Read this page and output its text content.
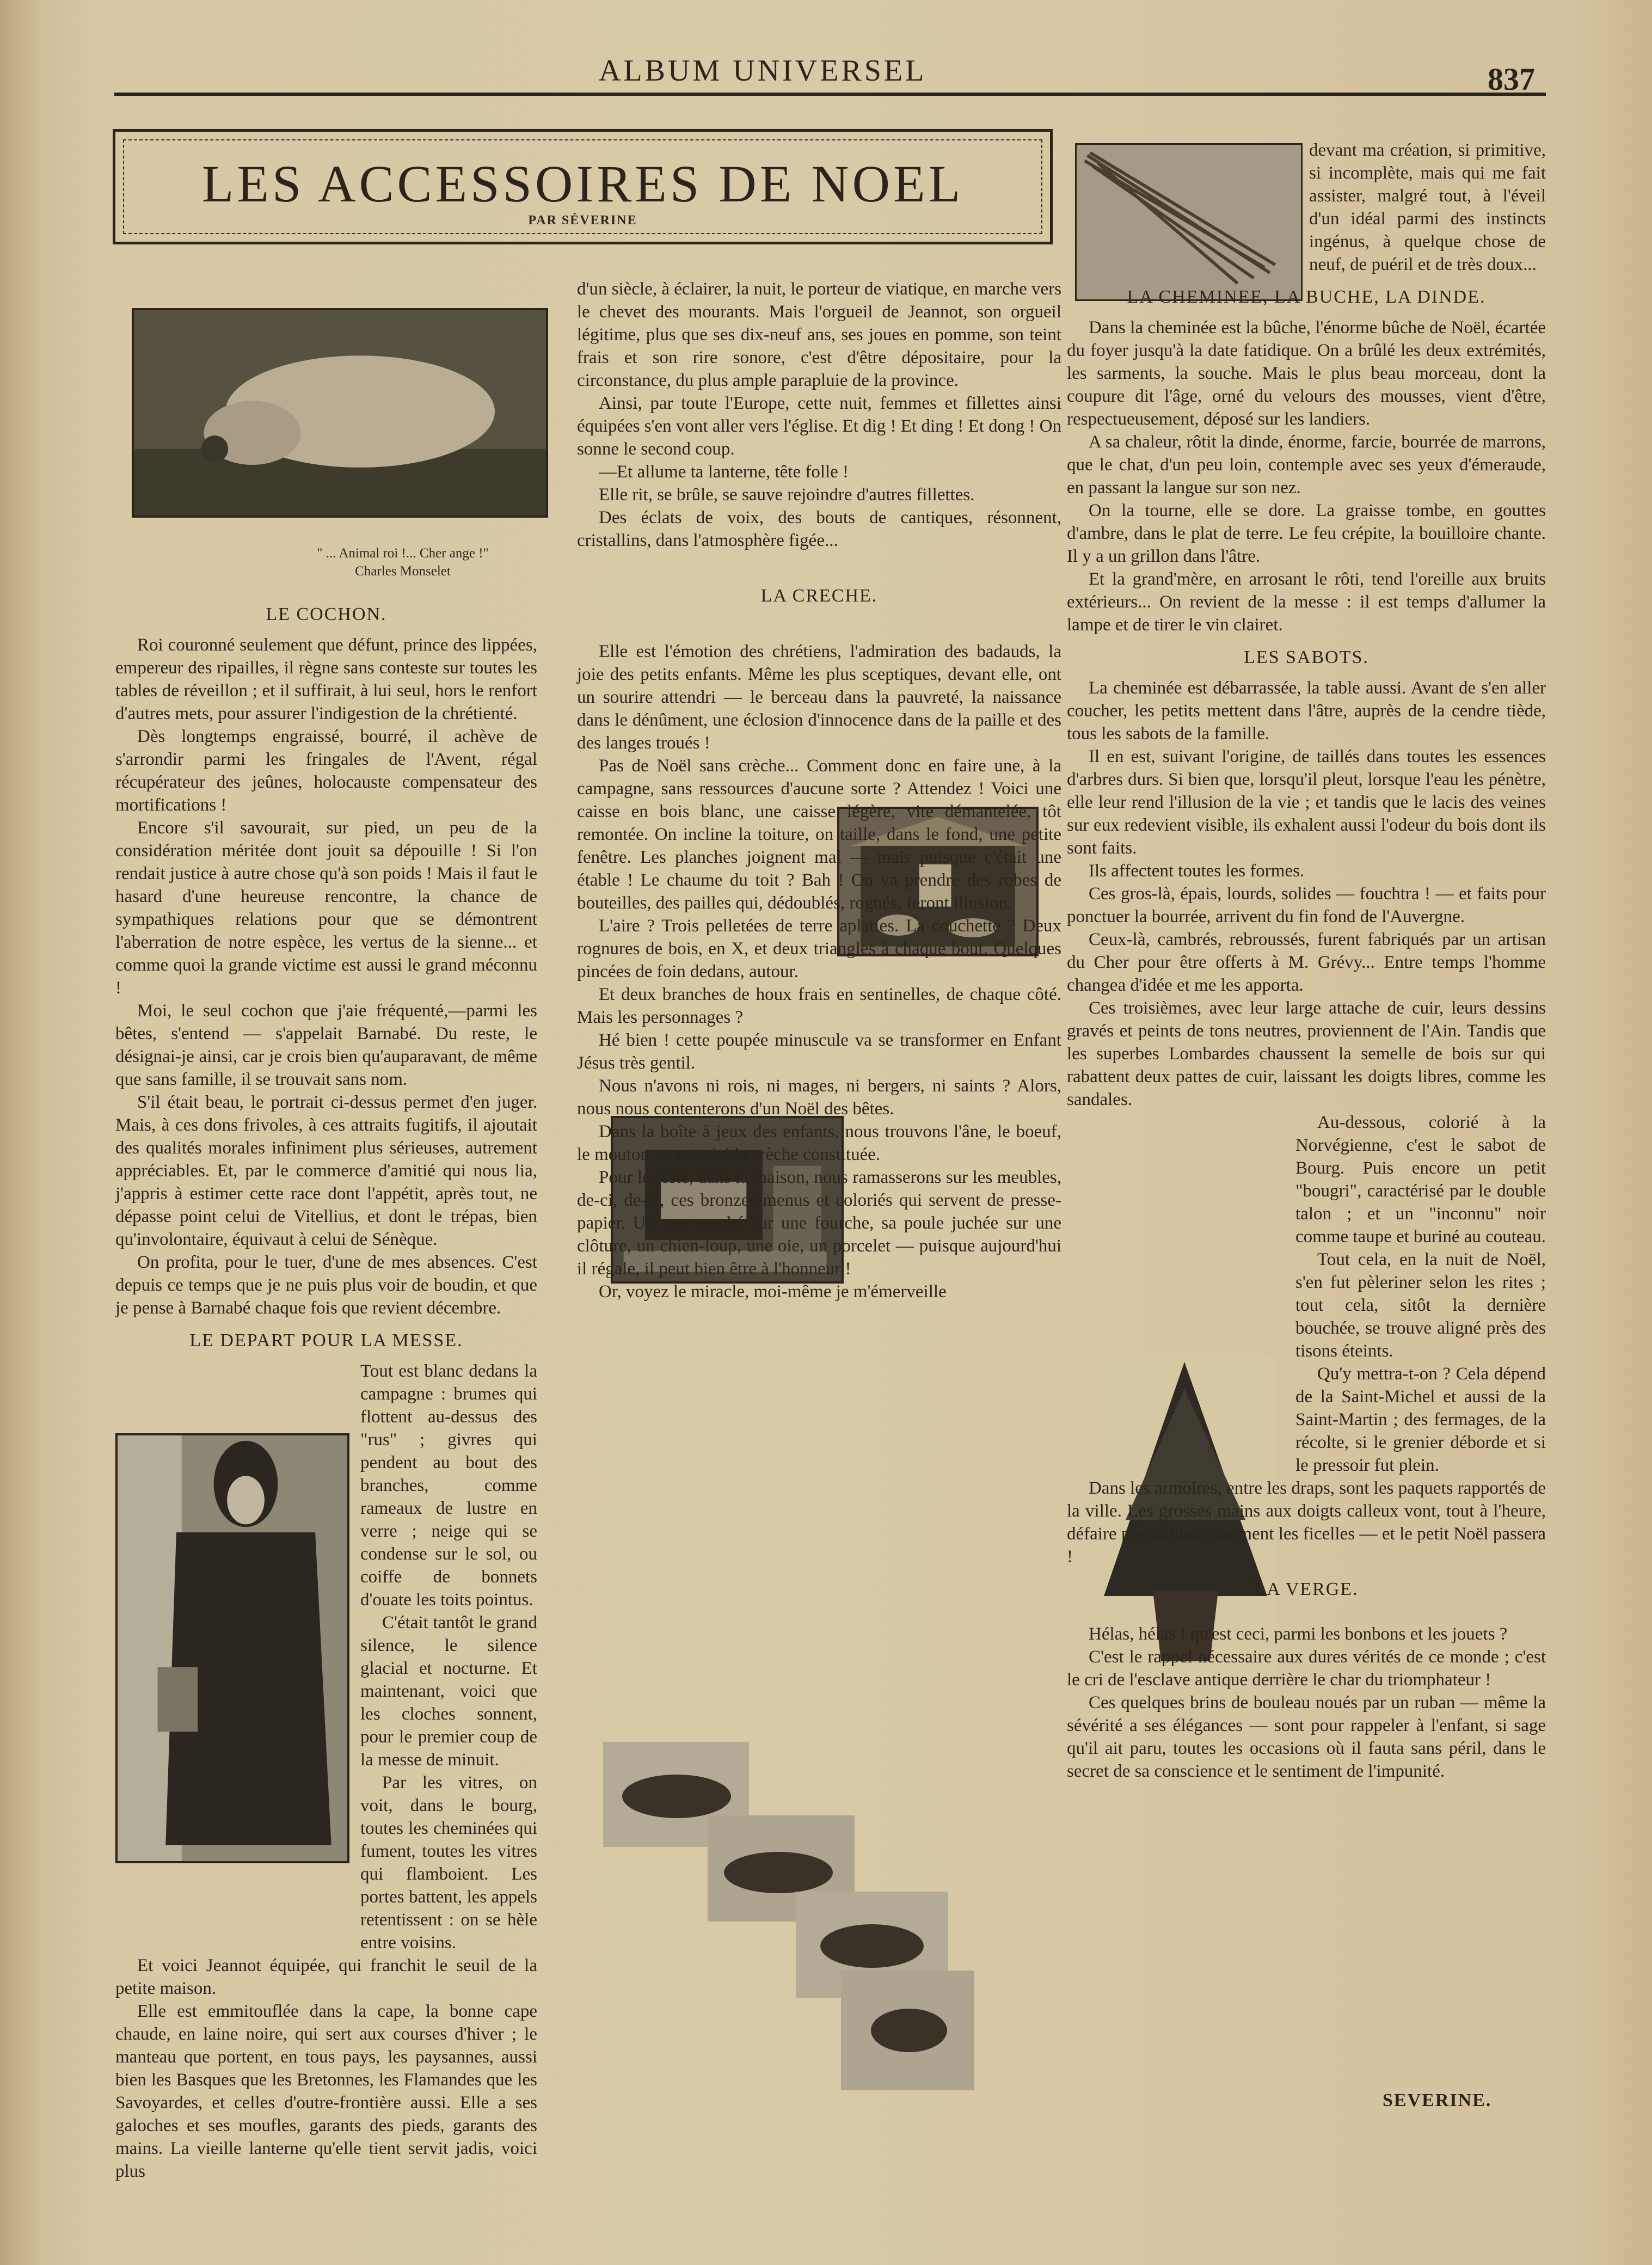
ALBUM UNIVERSEL	837
LES ACCESSOIRES DE NOEL
PAR SÉVERINE
" ... Animal roi !... Cher ange !"
Charles Monselet
LE COCHON.

Roi couronné seulement que défunt, prince des lippées, empereur des ripailles, il règne sans conteste sur toutes les tables de réveillon ; et il suffirait, à lui seul, hors le renfort d'autres mets, pour assurer l'indigestion de la chrétienté.

Dès longtemps engraissé, bourré, il achève de s'arrondir parmi les fringales de l'Avent, régal récupérateur des jeûnes, holocauste compensateur des mortifications !

Encore s'il savourait, sur pied, un peu de la considération méritée dont jouit sa dépouille ! Si l'on rendait justice à autre chose qu'à son poids ! Mais il faut le hasard d'une heureuse rencontre, la chance de sympathiques relations pour que se démontrent l'aberration de notre espèce, les vertus de la sienne... et comme quoi la grande victime est aussi le grand méconnu !

Moi, le seul cochon que j'aie fréquenté,—parmi les bêtes, s'entend — s'appelait Barnabé. Du reste, le désignai-je ainsi, car je crois bien qu'auparavant, de même que sans famille, il se trouvait sans nom.

S'il était beau, le portrait ci-dessus permet d'en juger. Mais, à ces dons frivoles, à ces attraits fugitifs, il ajoutait des qualités morales infiniment plus sérieuses, autrement appréciables. Et, par le commerce d'amitié qui nous lia, j'appris à estimer cette race dont l'appétit, après tout, ne dépasse point celui de Vitellius, et dont le trépas, bien qu'involontaire, équivaut à celui de Sénèque.

On profita, pour le tuer, d'une de mes absences. C'est depuis ce temps que je ne puis plus voir de boudin, et que je pense à Barnabé chaque fois que revient décembre.

LE DEPART POUR LA MESSE.

Tout est blanc dedans la campagne : brumes qui flottent au-dessus des "rus" ; givres qui pendent au bout des branches, comme rameaux de lustre en verre ; neige qui se condense sur le sol, ou coiffe de bonnets d'ouate les toits pointus.

C'était tantôt le grand silence, le silence glacial et nocturne. Et maintenant, voici que les cloches sonnent, pour le premier coup de la messe de minuit.

Par les vitres, on voit, dans le bourg, toutes les cheminées qui fument, toutes les vitres qui flamboient. Les portes battent, les appels retentissent : on se hèle entre voisins.

Et voici Jeannot équipée, qui franchit le seuil de la petite maison.

Elle est emmitouflée dans la cape, la bonne cape chaude, en laine noire, qui sert aux courses d'hiver ; le manteau que portent, en tous pays, les paysannes, aussi bien les Basques que les Bretonnes, les Flamandes que les Savoyardes, et celles d'outre-frontière aussi. Elle a ses galoches et ses moufles, garants des pieds, garants des mains. La vieille lanterne qu'elle tient servit jadis, voici plus

d'un siècle, à éclairer, la nuit, le porteur de viatique, en marche vers le chevet des mourants. Mais l'orgueil de Jeannot, son orgueil légitime, plus que ses dix-neuf ans, ses joues en pomme, son teint frais et son rire sonore, c'est d'être dépositaire, pour la circonstance, du plus ample parapluie de la province.

Ainsi, par toute l'Europe, cette nuit, femmes et fillettes ainsi équipées s'en vont aller vers l'église. Et dig ! Et ding ! Et dong ! On sonne le second coup.

—Et allume ta lanterne, tête folle !

Elle rit, se brûle, se sauve rejoindre d'autres fillettes.

Des éclats de voix, des bouts de cantiques, résonnent, cristallins, dans l'atmosphère figée...

LA CRECHE.

Elle est l'émotion des chrétiens, l'admiration des badauds, la joie des petits enfants. Même les plus sceptiques, devant elle, ont un sourire attendri — le berceau dans la pauvreté, la naissance dans le dénûment, une éclosion d'innocence dans de la paille et des des langes troués !

Pas de Noël sans crèche... Comment donc en faire une, à la campagne, sans ressources d'aucune sorte ? Attendez ! Voici une caisse en bois blanc, une caisse légère, vite démantelée, tôt remontée. On incline la toiture, on taille, dans le fond, une petite fenêtre. Les planches joignent mal — mais puisque c'était une étable ! Le chaume du toit ? Bah ! On va prendre des robes de bouteilles, des pailles qui, dédoublés, rognés, feront illusion.

L'aire ? Trois pelletées de terre aplaties. La couchette ? Deux rognures de bois, en X, et deux triangles à chaque bout. Quelques pincées de foin dedans, autour.

Et deux branches de houx frais en sentinelles, de chaque côté. Mais les personnages ?

Hé bien ! cette poupée minuscule va se transformer en Enfant Jésus très gentil.

Nous n'avons ni rois, ni mages, ni bergers, ni saints ? Alors, nous nous contenterons d'un Noël des bêtes.

Dans la boîte à jeux des enfants, nous trouvons l'âne, le boeuf, le mouton — et voici la crèche constituée.

Pour le reste, dans la maison, nous ramasserons sur les meubles, de-ci, de-là, ces bronzes menus et coloriés qui servent de presse-papier. Un coq perché sur une fourche, sa poule juchée sur une clôture, un chien-loup, une oie, un porcelet — puisque aujourd'hui il régale, il peut bien être à l'honneur !

Or, voyez le miracle, moi-même je m'émerveille

devant ma création, si primitive, si incomplète, mais qui me fait assister, malgré tout, à l'éveil d'un idéal parmi des instincts ingénus, à quelque chose de neuf, de puéril et de très doux...

LA CHEMINEE, LA BUCHE, LA DINDE.

Dans la cheminée est la bûche, l'énorme bûche de Noël, écartée du foyer jusqu'à la date fatidique. On a brûlé les deux extrémités, les sarments, la souche. Mais le plus beau morceau, dont la coupure dit l'âge, orné du velours des mousses, vient d'être, respectueusement, déposé sur les landiers.

A sa chaleur, rôtit la dinde, énorme, farcie, bourrée de marrons, que le chat, d'un peu loin, contemple avec ses yeux d'émeraude, en passant la langue sur son nez.

On la tourne, elle se dore. La graisse tombe, en gouttes d'ambre, dans le plat de terre. Le feu crépite, la bouilloire chante. Il y a un grillon dans l'âtre.

Et la grand'mère, en arrosant le rôti, tend l'oreille aux bruits extérieurs... On revient de la messe : il est temps d'allumer la lampe et de tirer le vin clairet.

LES SABOTS.

La cheminée est débarrassée, la table aussi. Avant de s'en aller coucher, les petits mettent dans l'âtre, auprès de la cendre tiède, tous les sabots de la famille.

Il en est, suivant l'origine, de taillés dans toutes les essences d'arbres durs. Si bien que, lorsqu'il pleut, lorsque l'eau les pénètre, elle leur rend l'illusion de la vie ; et tandis que le lacis des veines sur eux redevient visible, ils exhalent aussi l'odeur du bois dont ils sont faits.

Ils affectent toutes les formes.

Ces gros-là, épais, lourds, solides — fouchtra ! — et faits pour ponctuer la bourrée, arrivent du fin fond de l'Auvergne.

Ceux-là, cambrés, rebroussés, furent fabriqués par un artisan du Cher pour être offerts à M. Grévy... Entre temps l'homme changea d'idée et me les apporta.

Ces troisièmes, avec leur large attache de cuir, leurs dessins gravés et peints de tons neutres, proviennent de l'Ain. Tandis que les superbes Lombardes chaussent la semelle de bois sur qui rabattent deux pattes de cuir, laissant les doigts libres, comme les sandales.

Au-dessous, colorié à la Norvégienne, c'est le sabot de Bourg. Puis encore un petit "bougri", caractérisé par le double talon ; et un "inconnu" noir comme taupe et buriné au couteau.

Tout cela, en la nuit de Noël, s'en fut pèleriner selon les rites ; tout cela, sitôt la dernière bouchée, se trouve aligné près des tisons éteints.

Qu'y mettra-t-on ? Cela dépend de la Saint-Michel et aussi de la Saint-Martin ; des fermages, de la récolte, si le grenier déborde et si le pressoir fut plein.

Dans les armoires, entre les draps, sont les paquets rapportés de la ville. Les grosses mains aux doigts calleux vont, tout à l'heure, défaire précautionneusement les ficelles — et le petit Noël passera !

LA VERGE.

Hélas, hélas ! qu'est ceci, parmi les bonbons et les jouets ?

C'est le rappel nécessaire aux dures vérités de ce monde ; c'est le cri de l'esclave antique derrière le char du triomphateur !

Ces quelques brins de bouleau noués par un ruban — même la sévérité a ses élégances — sont pour rappeler à l'enfant, si sage qu'il ait paru, toutes les occasions où il fauta sans péril, dans le secret de sa conscience et le sentiment de l'impunité.

SEVERINE.
